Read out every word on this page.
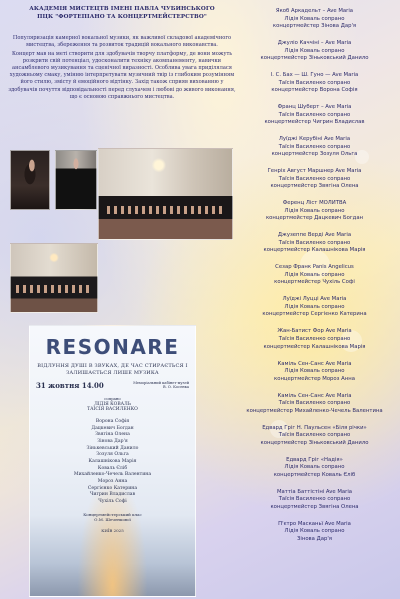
АКАДЕМІЯ МИСТЕЦТВ ІМЕНІ ПАВЛА ЧУБИНСЬКОГО
ПЦК "ФОРТЕПІАНО ТА КОНЦЕРТМЕЙСТЕРСТВО"

Популяризація камерної вокальної музики, як важливої складової академічного мистецтва, збереження та розвиток традицій вокального виконавства.

Концерт мав на меті створити для здобувачів творчу платформу, де вони можуть розкрити свій потенціал, удосконалити техніку акомпанементу, навички ансамблевого музикування та сценічної виразності. Особлива увага приділялася художньому смаку, умінню інтерпретувати музичний твір із глибоким розумінням його стилю, змісту й емоційного відтінку. Захід також сприяв вихованню у здобувачів почуття відповідальності перед слухачем і любові до живого виконання, що є основою справжнього мистецтва.

RESONARE
ВІДЛУННЯ ДУШІ В ЗВУКАХ, ДЕ ЧАС СТИРАЄТЬСЯ І ЗАЛИШАЄТЬСЯ ЛИШЕ МУЗИКА
31 жовтня 14.00	Меморіальний кабінет-музей В. О. Косенка
сопрано
ЛІДІЯ КОВАЛЬ
ТАЇСІЯ ВАСИЛЕНКО
Ворона Софія
Дацкевич Богдан
Звягіна Олена
Зінова Дар'я
Зінькевський Данило
Зозуля Ольга
Калашнікова Марія
Коваль Єліб
Михайленко-Чечель Валентина
Мороз Анна
Сергієнко Катерина
Чигрин Владислав
Чухіль Софі
Концертмейстерський клас
О.М. Шеченкової
КИЇВ 2025
Якоб Аркадельт – Ave Maria
Лідія Коваль сопрано
концертмейстер Зінова Дар'я
Джуліо Каччіні – Ave Maria
Лідія Коваль сопрано
концертмейстер Зіньковський Данило
І. С. Бах — Ш. Гуно — Ave Maria
Таїсія Василенко сопрано
концертмейстер Ворона Софія
Франц Шуберт – Ave Maria
Таїсія Василенко сопрано
концертмейстер Чигрин Владислав
Луїджі Керубіні Ave Maria
Таїсія Василенко сопрано
концертмейстер Зозуля Ольга
Генріх Август Маршнер Ave Maria
Таїсія Василенко сопрано
концертмейстер Звягіна Олена
Ференц Ліст МОЛИТВА
Лідія Коваль сопрано
концертмейстер Дацкевич Богдан
Джузеппе Верді Ave Maria
Таїсія Василенко сопрано
концертмейстер Калашнікова Марія
Сезар Франк Panis Angelicus
Лідія Коваль сопрано
концертмейстер Чухіль Софі
Луїджі Луцці Ave Maria
Лідія Коваль сопрано
концертмейстер Сергієнко Катерина
Жан-Батист Фор Ave Maria
Таїсія Василенко сопрано
концертмейстер Калашнікова Марія
Каміль Сен-Санс Ave Maria
Лідія Коваль сопрано
концертмейстер Мороз Анна
Каміль Сен-Санс Ave Maria
Таїсія Василенко сопрано
концертмейстер Михайленко-Чечель Валентина
Едвард Гріг Н. Паульсен «Біля річки»
Таїсія Василенко сопрано
концертмейстер Зіньковський Данило
Едвард Гріг «Надія»
Лідія Коваль сопрано
концертмейстер Коваль Єліб
Маттіа Баттістіні Ave Maria
Таїсія Василенко сопрано
концертмейстер Звягіна Олена
П'єтро Масканьї Ave Maria
Лідія Коваль сопрано
Зінова Дар'я
